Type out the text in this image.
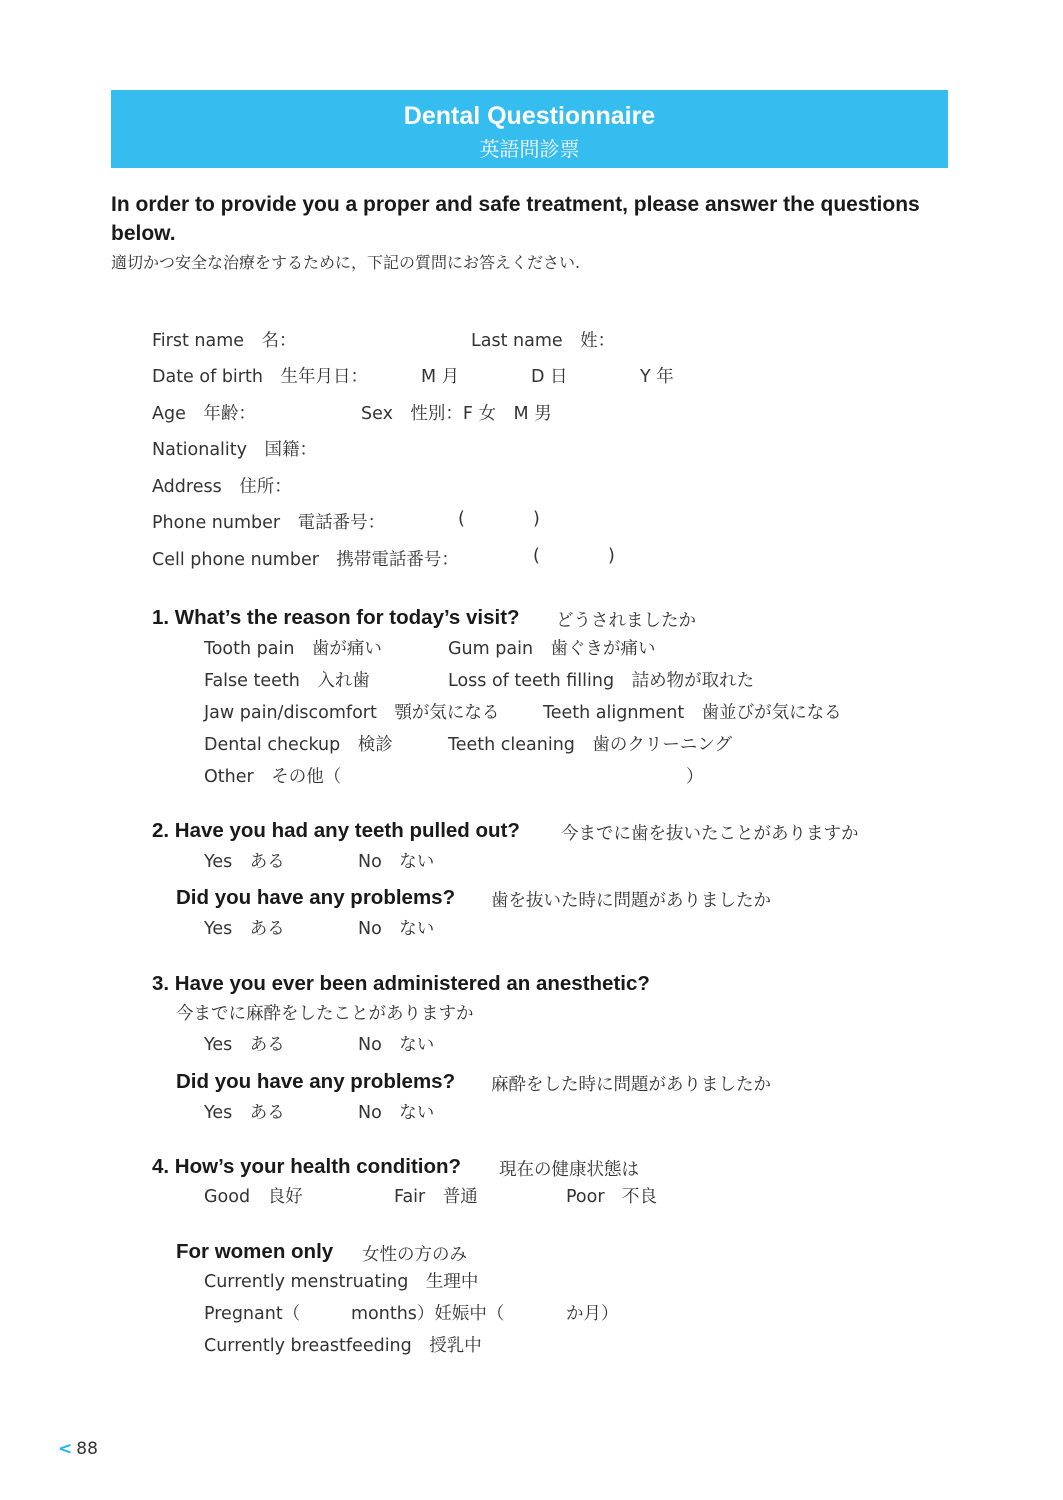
Dental Questionnaire
英語問診票
In order to provide you a proper and safe treatment, please answer the questions
below.
適切かつ安全な治療をするために，下記の質問にお答えください.
First name　名：	Last name　姓：
Date of birth　生年月日：	M 月	D 日	Y 年
Age　年齢：	Sex　性別：F 女　M 男
Nationality　国籍：
Address　住所：
Phone number　電話番号：	(	)
Cell phone number　携帯電話番号：	(	)
1. What’s the reason for today’s visit? どうされましたか
Tooth pain　歯が痛い	Gum pain　歯ぐきが痛い
False teeth　入れ歯	Loss of teeth filling　詰め物が取れた
Jaw pain/discomfort　顎が気になる Teeth alignment　歯並びが気になる
Dental checkup　検診	Teeth cleaning　歯のクリーニング
Other　その他（	）
2. Have you had any teeth pulled out? 今までに歯を抜いたことがありますか
Yes　ある	No　ない
Did you have any problems? 歯を抜いた時に問題がありましたか
Yes　ある	No　ない
3. Have you ever been administered an anesthetic?
今までに麻酔をしたことがありますか
Yes　ある	No　ない
Did you have any problems? 麻酔をした時に問題がありましたか
Yes　ある	No　ない
4. How’s your health condition? 現在の健康状態は
Good　良好	Fair　普通	Poor　不良
For women only 女性の方のみ
Currently menstruating　生理中
Pregnant（	months）妊娠中（	か月）
Currently breastfeeding　授乳中
< 88
